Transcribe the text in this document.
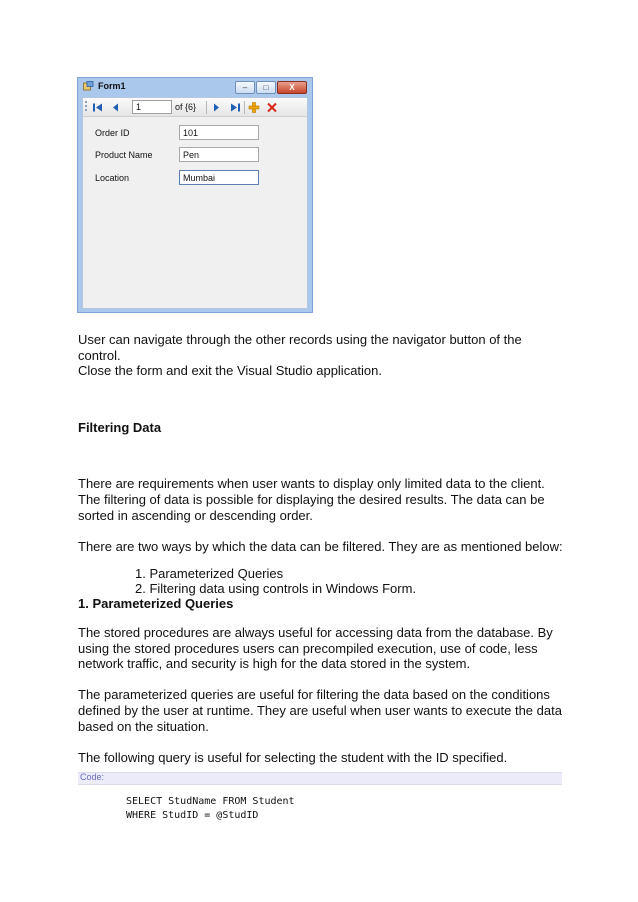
Form1	–	□	X
1
of {6}
Order ID
101
Product Name
Pen
Location
Mumbai
User can navigate through the other records using the navigator button of the
control.
Close the form and exit the Visual Studio application.
Filtering Data
There are requirements when user wants to display only limited data to the client.
The filtering of data is possible for displaying the desired results. The data can be
sorted in ascending or descending order.
There are two ways by which the data can be filtered. They are as mentioned below:
1. Parameterized Queries
2. Filtering data using controls in Windows Form.
1. Parameterized Queries
The stored procedures are always useful for accessing data from the database. By
using the stored procedures users can precompiled execution, use of code, less
network traffic, and security is high for the data stored in the system.
The parameterized queries are useful for filtering the data based on the conditions
defined by the user at runtime. They are useful when user wants to execute the data
based on the situation.
The following query is useful for selecting the student with the ID specified.
Code:
SELECT StudName FROM Student
WHERE StudID = @StudID
